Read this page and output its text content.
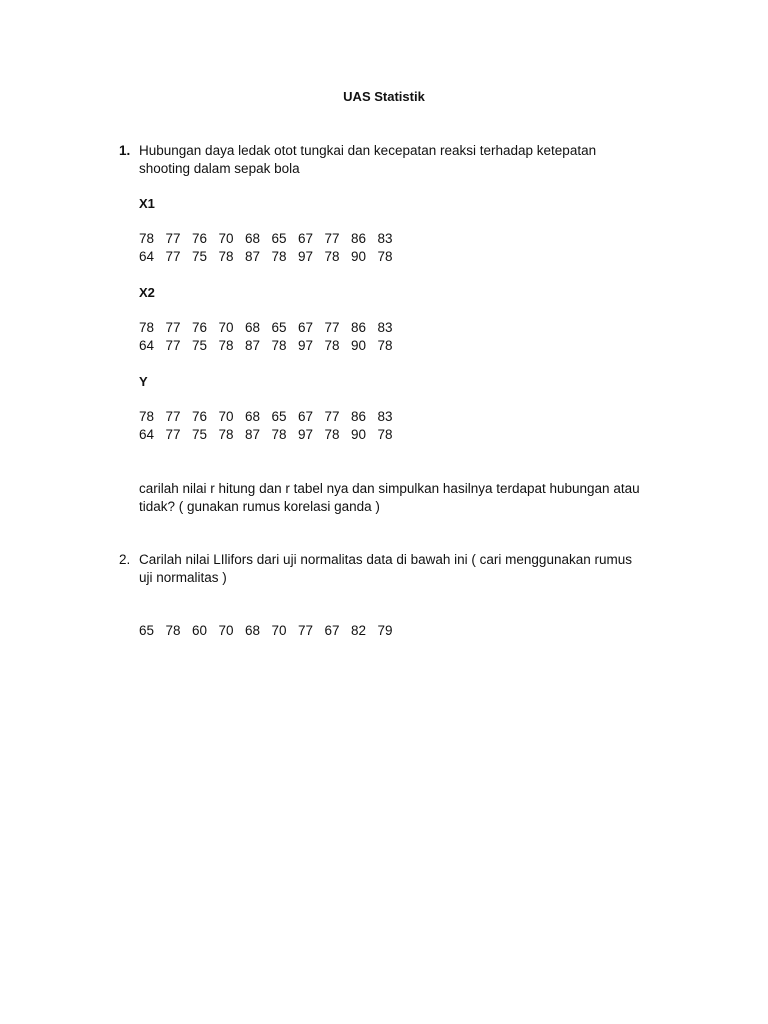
UAS Statistik
1. Hubungan daya ledak otot tungkai dan kecepatan reaksi terhadap ketepatan
shooting dalam sepak bola
X1
78 77 76 70 68 65 67 77 86 83
64 77 75 78 87 78 97 78 90 78
X2
78 77 76 70 68 65 67 77 86 83
64 77 75 78 87 78 97 78 90 78
Y
78 77 76 70 68 65 67 77 86 83
64 77 75 78 87 78 97 78 90 78
carilah nilai r hitung dan r tabel nya dan simpulkan hasilnya terdapat hubungan atau
tidak? ( gunakan rumus korelasi ganda )
2. Carilah nilai LIlifors dari uji normalitas data di bawah ini ( cari menggunakan rumus
uji normalitas )
65 78 60 70 68 70 77 67 82 79
